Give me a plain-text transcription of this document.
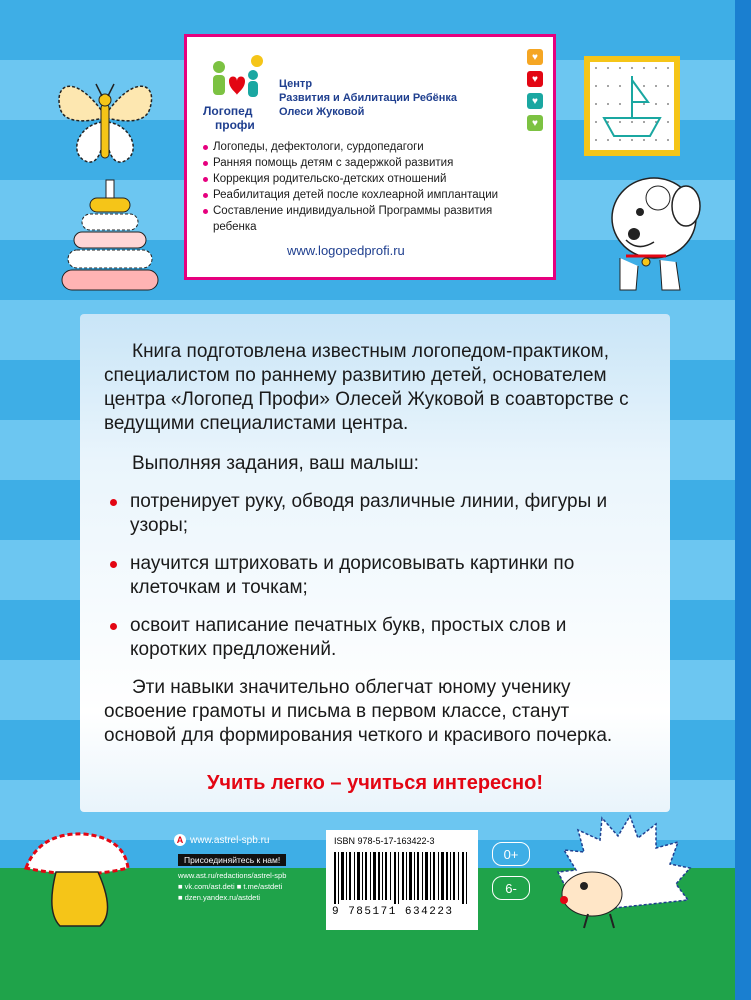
Логопед
профи
Центр
Развития и Абилитации Ребёнка
Олеси Жуковой
♥
♥
♥
♥
Логопеды, дефектологи, сурдопедагоги
Ранняя помощь детям с задержкой развития
Коррекция родительско-детских отношений
Реабилитация детей после кохлеарной имплантации
Составление индивидуальной Программы развития ребенка
www.logopedprofi.ru

Книга подготовлена известным логопедом-практиком, специалистом по раннему развитию детей, основателем центра «Логопед Профи» Олесей Жуковой в соавторстве с ведущими специалистами центра.

Выполняя задания, ваш малыш:

потренирует руку, обводя различные линии, фигуры и узоры;
научится штриховать и дорисовывать картинки по клеточкам и точкам;
освоит написание печатных букв, простых слов и коротких предложений.

Эти навыки значительно облегчат юному ученику освоение грамоты и письма в первом классе, станут основой для формирования четкого и красивого почерка.

Учить легко – учиться интересно!
A www.astrel-spb.ru
Присоединяйтесь к нам!
www.ast.ru/redactions/astrel-spb
■ vk.com/ast.deti ■ t.me/astdeti
■ dzen.yandex.ru/astdeti
ISBN 978-5-17-163422-3
9 785171 634223
0+
6-
